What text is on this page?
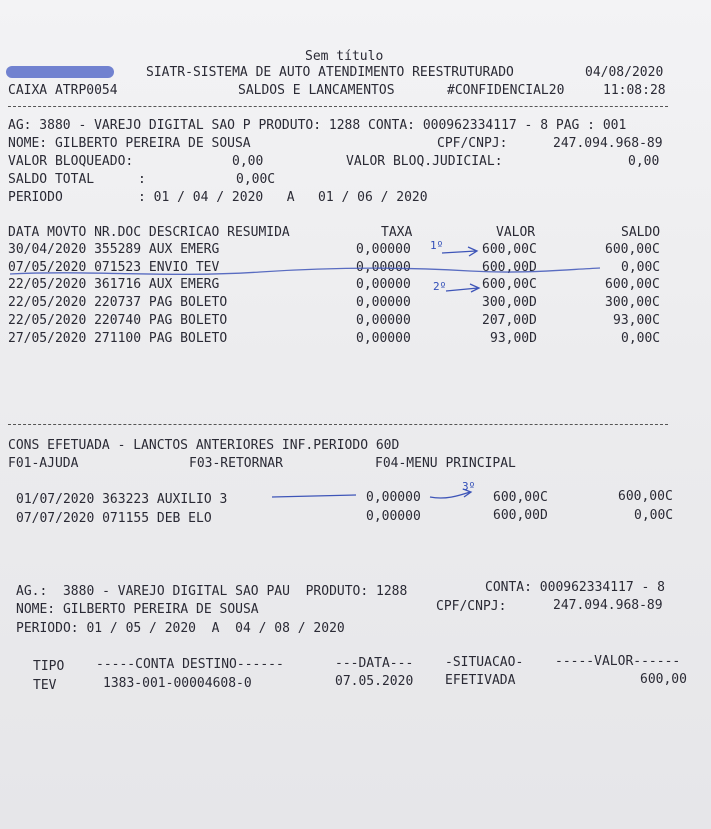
Sem título
SIATR-SISTEMA DE AUTO ATENDIMENTO REESTRUTURADO	04/08/2020
CAIXA ATRP0054	SALDOS E LANCAMENTOS	#CONFIDENCIAL20	11:08:28
AG: 3880 - VAREJO DIGITAL SAO P PRODUTO: 1288 CONTA: 000962334117 - 8 PAG : 001
NOME: GILBERTO PEREIRA DE SOUSA	CPF/CNPJ:	247.094.968-89
VALOR BLOQUEADO:	0,00	VALOR BLOQ.JUDICIAL:	0,00
SALDO TOTAL	:	0,00C
PERIODO	: 01 / 04 / 2020   A   01 / 06 / 2020
DATA MOVTO NR.DOC DESCRICAO RESUMIDA	TAXA	VALOR	SALDO
30/04/2020 355289 AUX EMERG	0,00000	600,00C	600,00C
07/05/2020 071523 ENVIO TEV	0,00000	600,00D	0,00C
22/05/2020 361716 AUX EMERG	0,00000	600,00C	600,00C
22/05/2020 220737 PAG BOLETO	0,00000	300,00D	300,00C
22/05/2020 220740 PAG BOLETO	0,00000	207,00D	93,00C
27/05/2020 271100 PAG BOLETO	0,00000	93,00D	0,00C
CONS EFETUADA - LANCTOS ANTERIORES INF.PERIODO 60D
F01-AJUDA	F03-RETORNAR	F04-MENU PRINCIPAL
01/07/2020 363223 AUXILIO 3	0,00000	600,00C	600,00C
07/07/2020 071155 DEB ELO	0,00000	600,00D	0,00C
AG.:  3880 - VAREJO DIGITAL SAO PAU  PRODUTO: 1288	CONTA: 000962334117 - 8
NOME: GILBERTO PEREIRA DE SOUSA	CPF/CNPJ:	247.094.968-89
PERIODO: 01 / 05 / 2020  A  04 / 08 / 2020
TIPO -----CONTA DESTINO------	---DATA--- -SITUACAO- -----VALOR------
TEV	1383-001-00004608-0	07.05.2020 EFETIVADA	600,00
1º
2º
3º
